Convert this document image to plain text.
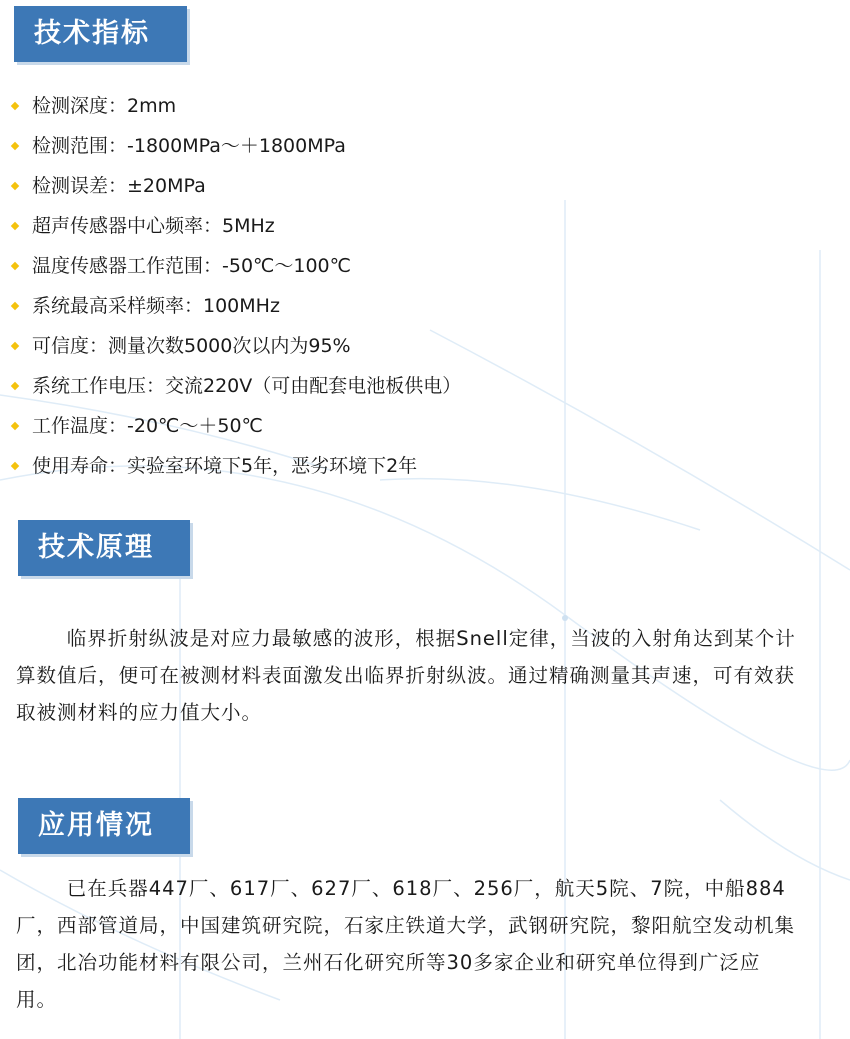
技术指标
检测深度：2mm
检测范围：-1800MPa～＋1800MPa
检测误差：±20MPa
超声传感器中心频率：5MHz
温度传感器工作范围：-50℃～100℃
系统最高采样频率：100MHz
可信度：测量次数5000次以内为95%
系统工作电压：交流220V（可由配套电池板供电）
工作温度：-20℃～＋50℃
使用寿命：实验室环境下5年，恶劣环境下2年
技术原理

临界折射纵波是对应力最敏感的波形，根据Snell定律，当波的入射角达到某个计算数值后，便可在被测材料表面激发出临界折射纵波。通过精确测量其声速，可有效获取被测材料的应力值大小。

应用情况

已在兵器447厂、617厂、627厂、618厂、256厂，航天5院、7院，中船884厂，西部管道局，中国建筑研究院，石家庄铁道大学，武钢研究院，黎阳航空发动机集团，北冶功能材料有限公司，兰州石化研究所等30多家企业和研究单位得到广泛应用。
